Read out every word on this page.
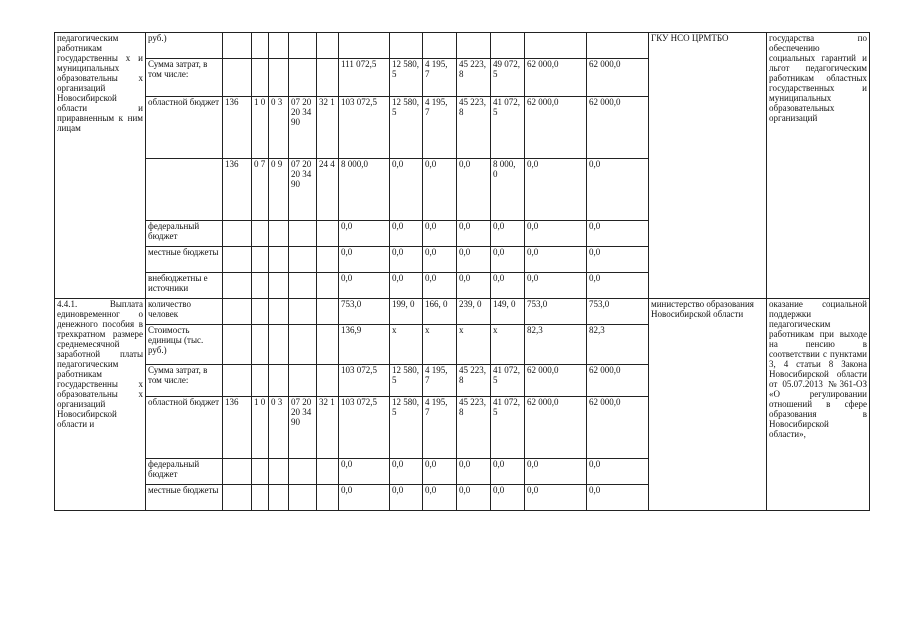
педагогическим работникам государственны х и муниципальных образовательны х организаций Новосибирской области и приравненным к ним лицам	руб.)													ГКУ НСО ЦРМТБО	государства по обеспечению социальных гарантий и льгот педагогическим работникам областных государственных и муниципальных образовательных организаций
	Сумма затрат, в том числе:						111 072,5	12 580, 5	4 195, 7	45 223, 8	49 072, 5	62 000,0	62 000,0		
	областной бюджет	136	1 0	0 3	07 20 20 34 90	32 1	103 072,5	12 580, 5	4 195, 7	45 223, 8	41 072, 5	62 000,0	62 000,0		
		136	0 7	0 9	07 20 20 34 90	24 4	8 000,0	0,0	0,0	0,0	8 000, 0	0,0	0,0		
	федеральный бюджет						0,0	0,0	0,0	0,0	0,0	0,0	0,0		
	местные бюджеты						0,0	0,0	0,0	0,0	0,0	0,0	0,0		
	внебюджетны е источники						0,0	0,0	0,0	0,0	0,0	0,0	0,0		
4.4.1. Выплата единовременног о денежного пособия в трехкратном размере среднемесячной заработной платы педагогическим работникам государственны х образовательны х организаций Новосибирской области и	количество человек						753,0	199, 0	166, 0	239, 0	149, 0	753,0	753,0	министерство образования Новосибирской области	оказание социальной поддержки педагогическим работникам при выходе на пенсию в соответствии с пунктами 3, 4 статьи 8 Закона Новосибирской области от 05.07.2013 №361-ОЗ «О регулировании отношений в сфере образования в Новосибирской области»,
	Стоимость единицы (тыс. руб.)						136,9	х	х	х	х	82,3	82,3		
	Сумма затрат, в том числе:						103 072,5	12 580, 5	4 195, 7	45 223, 8	41 072, 5	62 000,0	62 000,0		
	областной бюджет	136	1 0	0 3	07 20 20 34 90	32 1	103 072,5	12 580, 5	4 195, 7	45 223, 8	41 072, 5	62 000,0	62 000,0		
	федеральный бюджет						0,0	0,0	0,0	0,0	0,0	0,0	0,0		
	местные бюджеты						0,0	0,0	0,0	0,0	0,0	0,0	0,0		
